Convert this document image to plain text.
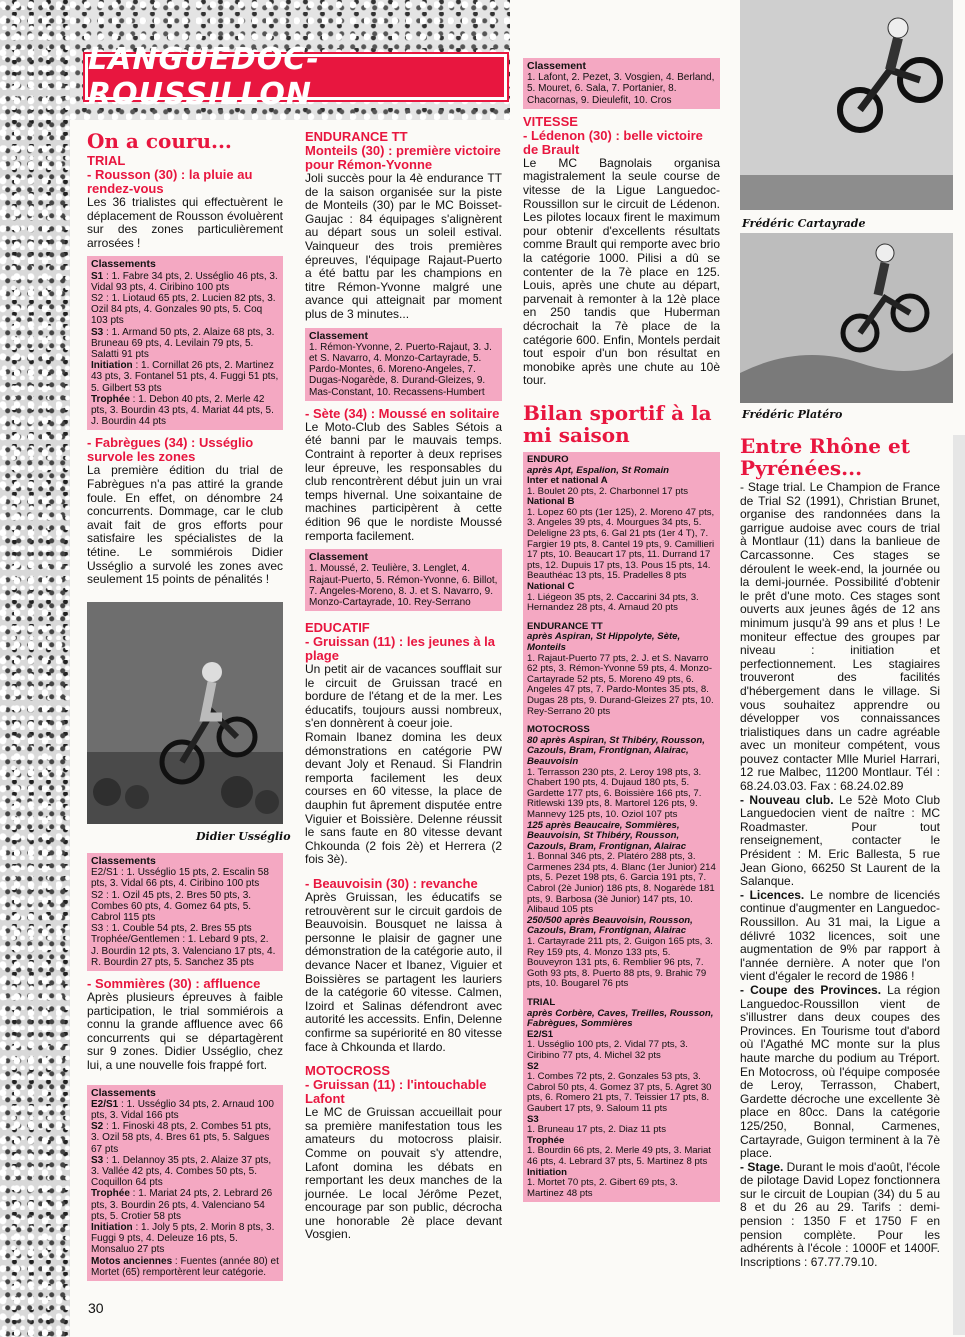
LANGUEDOC-ROUSSILLON
On a couru...
TRIAL
- Rousson (30) : la pluie au rendez-vous

Les 36 trialistes qui effectuèrent le déplacement de Rousson évoluèrent sur des zones particulièrement arrosées !

Classements
S1 : 1. Fabre 34 pts, 2. Usséglio 46 pts, 3. Vidal 93 pts, 4. Ciribino 100 pts
S2 : 1. Liotaud 65 pts, 2. Lucien 82 pts, 3. Ozil 84 pts, 4. Gonzales 90 pts, 5. Coq 103 pts
S3 : 1. Armand 50 pts, 2. Alaize 68 pts, 3. Bruneau 69 pts, 4. Levilain 79 pts, 5. Salatti 91 pts
Initiation : 1. Cornillat 26 pts, 2. Martinez 43 pts, 3. Fontanel 51 pts, 4. Fuggi 51 pts, 5. Gilbert 53 pts
Trophée : 1. Debon 40 pts, 2. Merle 42 pts, 3. Bourdin 43 pts, 4. Mariat 44 pts, 5. J. Bourdin 44 pts
- Fabrègues (34) : Usséglio survole les zones

La première édition du trial de Fabrègues n'a pas attiré la grande foule. En effet, on dénombre 24 concurrents. Dommage, car le club avait fait de gros efforts pour satisfaire les spécialistes de la tétine. Le sommiérois Didier Usséglio a survolé les zones avec seulement 15 points de pénalités !

Didier Usséglio
Classements
E2/S1 : 1. Usséglio 15 pts, 2. Escalin 58 pts, 3. Vidal 66 pts, 4. Ciribino 100 pts
S2 : 1. Ozil 45 pts, 2. Bres 50 pts, 3. Combes 60 pts, 4. Gomez 64 pts, 5. Cabrol 115 pts
S3 : 1. Couble 54 pts, 2. Bres 55 pts
Trophée/Gentlemen : 1. Lebard 9 pts, 2. J. Bourdin 12 pts, 3. Valenciano 17 pts, 4. R. Bourdin 27 pts, 5. Sanchez 35 pts
- Sommières (30) : affluence

Après plusieurs épreuves à faible participation, le trial sommiérois a connu la grande affluence avec 66 concurrents qui se départagèrent sur 9 zones. Didier Usséglio, chez lui, a une nouvelle fois frappé fort.

Classements
E2/S1 : 1. Usséglio 34 pts, 2. Arnaud 100 pts, 3. Vidal 166 pts
S2 : 1. Finoski 48 pts, 2. Combes 51 pts, 3. Ozil 58 pts, 4. Bres 61 pts, 5. Salgues 67 pts
S3 : 1. Delannoy 35 pts, 2. Alaize 37 pts, 3. Vallée 42 pts, 4. Combes 50 pts, 5. Coquillon 64 pts
Trophée : 1. Mariat 24 pts, 2. Lebrard 26 pts, 3. Bourdin 26 pts, 4. Valenciano 54 pts, 5. Crotier 58 pts
Initiation : 1. Joly 5 pts, 2. Morin 8 pts, 3. Fuggi 9 pts, 4. Deleuze 16 pts, 5. Monsaluo 27 pts
Motos anciennes : Fuentes (année 80) et Mortet (65) remportèrent leur catégorie.
ENDURANCE TT
Monteils (30) : première victoire pour Rémon-Yvonne

Joli succès pour la 4è endurance TT de la saison organisée sur la piste de Monteils (30) par le MC Boisset-Gaujac : 84 équipages s'alignèrent au départ sous un soleil estival. Vainqueur des trois premières épreuves, l'équipage Rajaut-Puerto a été battu par les champions en titre Rémon-Yvonne malgré une avance qui atteignait par moment plus de 3 minutes...

Classement
1. Rémon-Yvonne, 2. Puerto-Rajaut, 3. J. et S. Navarro, 4. Monzo-Cartayrade, 5. Pardo-Montes, 6. Moreno-Angeles, 7. Dugas-Nogarède, 8. Durand-Gleizes, 9. Mas-Constant, 10. Recassens-Humbert
- Sète (34) : Moussé en solitaire

Le Moto-Club des Sables Sétois a été banni par le mauvais temps. Contraint à reporter à deux reprises leur épreuve, les responsables du club rencontrèrent début juin un vrai temps hivernal. Une soixantaine de machines participèrent à cette édition 96 que le nordiste Moussé remporta facilement.

Classement
1. Moussé, 2. Teulière, 3. Lenglet, 4. Rajaut-Puerto, 5. Rémon-Yvonne, 6. Billot, 7. Angeles-Moreno, 8. J. et S. Navarro, 9. Monzo-Cartayrade, 10. Rey-Serrano
EDUCATIF
- Gruissan (11) : les jeunes à la plage

Un petit air de vacances soufflait sur le circuit de Gruissan tracé en bordure de l'étang et de la mer. Les éducatifs, toujours aussi nombreux, s'en donnèrent à coeur joie.

Romain Ibanez domina les deux démonstrations en catégorie PW devant Joly et Renaud. Si Flandrin remporta facilement les deux courses en 60 vitesse, la place de dauphin fut âprement disputée entre Viguier et Boissière. Delenne réussit le sans faute en 80 vitesse devant Chkounda (2 fois 2è) et Herrera (2 fois 3è).

- Beauvoisin (30) : revanche

Après Gruissan, les éducatifs se retrouvèrent sur le circuit gardois de Beauvoisin. Bousquet ne laissa à personne le plaisir de gagner une démonstration de la catégorie auto, il devance Nacer et Ibanez, Viguier et Boissières se partagent les lauriers de la catégorie 60 vitesse. Calmen, Izoird et Salinas défendront avec autorité les accessits. Enfin, Delenne confirme sa supériorité en 80 vitesse face à Chkounda et Ilardo.

MOTOCROSS
- Gruissan (11) : l'intouchable Lafont

Le MC de Gruissan accueillait pour sa première manifestation tous les amateurs du motocross plaisir. Comme on pouvait s'y attendre, Lafont domina les débats en remportant les deux manches de la journée. Le local Jérôme Pezet, encourage par son public, décrocha une honorable 2è place devant Vosgien.

Classement
1. Lafont, 2. Pezet, 3. Vosgien, 4. Berland, 5. Mouret, 6. Sala, 7. Portanier, 8. Chacornas, 9. Dieulefit, 10. Cros
VITESSE
- Lédenon (30) : belle victoire de Brault

Le MC Bagnolais organisa magistralement la seule course de vitesse de la Ligue Languedoc-Roussillon sur le circuit de Lédenon. Les pilotes locaux firent le maximum pour obtenir d'excellents résultats comme Brault qui remporte avec brio la catégorie 1000. Pilisi a dû se contenter de la 7è place en 125. Louis, après une chute au départ, parvenait à remonter à la 12è place en 250 tandis que Huberman décrochait la 7è place de la catégorie 600. Enfin, Montels perdait tout espoir d'un bon résultat en monobike après une chute au 10è tour.

Bilan sportif à la mi saison
ENDURO
après Apt, Espalion, St Romain
Inter et national A
1. Boulet 20 pts, 2. Charbonnel 17 pts
National B
1. Lopez 60 pts (1er 125), 2. Moreno 47 pts, 3. Angeles 39 pts, 4. Mourgues 34 pts, 5. Deleligne 23 pts, 6. Gal 21 pts (1er 4 T), 7. Fargier 19 pts, 8. Cantel 19 pts, 9. Camillieri 17 pts, 10. Beaucart 17 pts, 11. Durrand 17 pts, 12. Dupuis 17 pts, 13. Pous 15 pts, 14. Beauthéac 13 pts, 15. Pradelles 8 pts
National C
1. Liégeon 35 pts, 2. Caccarini 34 pts, 3. Hernandez 28 pts, 4. Arnaud 20 pts
ENDURANCE TT
après Aspiran, St Hippolyte, Sète, Monteils
1. Rajaut-Puerto 77 pts, 2. J. et S. Navarro 62 pts, 3. Rémon-Yvonne 59 pts, 4. Monzo-Cartayrade 52 pts, 5. Moreno 49 pts, 6. Angeles 47 pts, 7. Pardo-Montes 35 pts, 8. Dugas 28 pts, 9. Durand-Gleizes 27 pts, 10. Rey-Serrano 20 pts
MOTOCROSS
80 après Aspiran, St Thibéry, Rousson, Cazouls, Bram, Frontignan, Alairac, Beauvoisin
1. Terrasson 230 pts, 2. Leroy 198 pts, 3. Chabert 190 pts, 4. Dujaud 180 pts, 5. Gardette 177 pts, 6. Boissière 166 pts, 7. Ritlewski 139 pts, 8. Martorel 126 pts, 9. Mannevy 125 pts, 10. Oziol 107 pts
125 après Beaucaire, Sommières, Beauvoisin, St Thibéry, Rousson, Cazouls, Bram, Frontignan, Alairac
1. Bonnal 346 pts, 2. Platéro 288 pts, 3. Carmenes 234 pts, 4. Blanc (1er Junior) 214 pts, 5. Pezet 198 pts, 6. Garcia 191 pts, 7. Cabrol (2è Junior) 186 pts, 8. Nogarède 181 pts, 9. Barbosa (3è Junior) 147 pts, 10. Alibaud 105 pts
250/500 après Beauvoisin, Rousson, Cazouls, Bram, Frontignan, Alairac
1. Cartayrade 211 pts, 2. Guigon 165 pts, 3. Rey 159 pts, 4. Monzo 133 pts, 5. Bouveyron 131 pts, 6. Remblier 96 pts, 7. Goth 93 pts, 8. Puerto 88 pts, 9. Brahic 79 pts, 10. Bougarel 76 pts
TRIAL
après Corbère, Caves, Treilles, Rousson, Fabrègues, Sommières
E2/S1
1. Usséglio 100 pts, 2. Vidal 77 pts, 3. Ciribino 77 pts, 4. Michel 32 pts
S2
1. Combes 72 pts, 2. Gonzales 53 pts, 3. Cabrol 50 pts, 4. Gomez 37 pts, 5. Agret 30 pts, 6. Romero 21 pts, 7. Teissier 17 pts, 8. Gaubert 17 pts, 9. Saloum 11 pts
S3
1. Bruneau 17 pts, 2. Diaz 11 pts
Trophée
1. Bourdin 66 pts, 2. Merle 49 pts, 3. Mariat 46 pts, 4. Lebrard 37 pts, 5. Martinez 8 pts
Initiation
1. Mortet 70 pts, 2. Gibert 69 pts, 3. Martinez 48 pts
Frédéric Cartayrade
Frédéric Platéro
Entre Rhône et Pyrénées...

- Stage trial. Le Champion de France de Trial S2 (1991), Christian Brunet, organise des randonnées dans la garrigue audoise avec cours de trial à Montlaur (11) dans la banlieue de Carcassonne. Ces stages se déroulent le week-end, la journée ou la demi-journée. Possibilité d'obtenir le prêt d'une moto. Ces stages sont ouverts aux jeunes âgés de 12 ans minimum jusqu'à 99 ans et plus ! Le moniteur effectue des groupes par niveau : initiation et perfectionnement. Les stagiaires trouveront des facilités d'hébergement dans le village. Si vous souhaitez apprendre ou développer vos connaissances trialistiques dans un cadre agréable avec un moniteur compétent, vous pouvez contacter Mlle Muriel Harrari, 12 rue Malbec, 11200 Montlaur. Tél : 68.24.03.03. Fax : 68.24.02.89

- Nouveau club. Le 52è Moto Club Languedocien vient de naître : MC Roadmaster. Pour tout renseignement, contacter le Président : M. Eric Ballesta, 5 rue Jean Giono, 66250 St Laurent de la Salanque.

- Licences. Le nombre de licenciés continue d'augmenter en Languedoc-Roussillon. Au 31 mai, la Ligue a délivré 1032 licences, soit une augmentation de 9% par rapport à l'année dernière. A noter que l'on vient d'égaler le record de 1986 !

- Coupe des Provinces. La région Languedoc-Roussillon vient de s'illustrer dans deux coupes des Provinces. En Tourisme tout d'abord où l'Agathé MC monte sur la plus haute marche du podium au Tréport. En Motocross, où l'équipe composée de Leroy, Terrasson, Chabert, Gardette décroche une excellente 3è place en 80cc. Dans la catégorie 125/250, Bonnal, Carmenes, Cartayrade, Guigon terminent à la 7è place.

- Stage. Durant le mois d'août, l'école de pilotage David Lopez fonctionnera sur le circuit de Loupian (34) du 5 au 8 et du 26 au 29. Tarifs : demi-pension : 1350 F et 1750 F en pension complète. Pour les adhérents à l'école : 1000F et 1400F. Inscriptions : 67.77.79.10.

30
